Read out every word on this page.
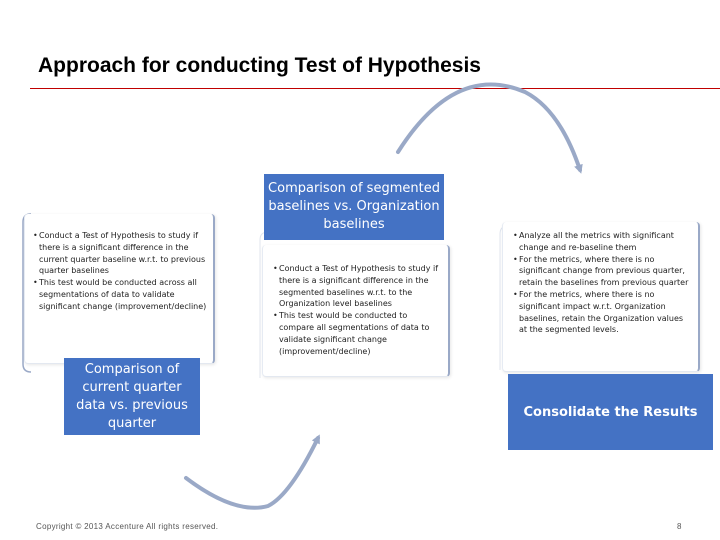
Approach for conducting Test of Hypothesis
• Conduct a Test of Hypothesis to study if there is a significant difference in the current quarter baseline w.r.t. to previous quarter baselines
• This test would be conducted across all segmentations of data to validate significant change (improvement/decline)
Comparison of current quarter data vs. previous quarter
Comparison of segmented baselines vs. Organization baselines
• Conduct a Test of Hypothesis to study if there is a significant difference in the segmented baselines w.r.t. to the Organization level baselines
• This test would be conducted to compare all segmentations of data to validate significant change (improvement/decline)
• Analyze all the metrics with significant change and re-baseline them
• For the metrics, where there is no significant change from previous quarter, retain the baselines from previous quarter
• For the metrics, where there is no significant impact w.r.t. Organization baselines, retain the Organization values at the segmented levels.
Consolidate the Results
Copyright © 2013 Accenture All rights reserved.	8
